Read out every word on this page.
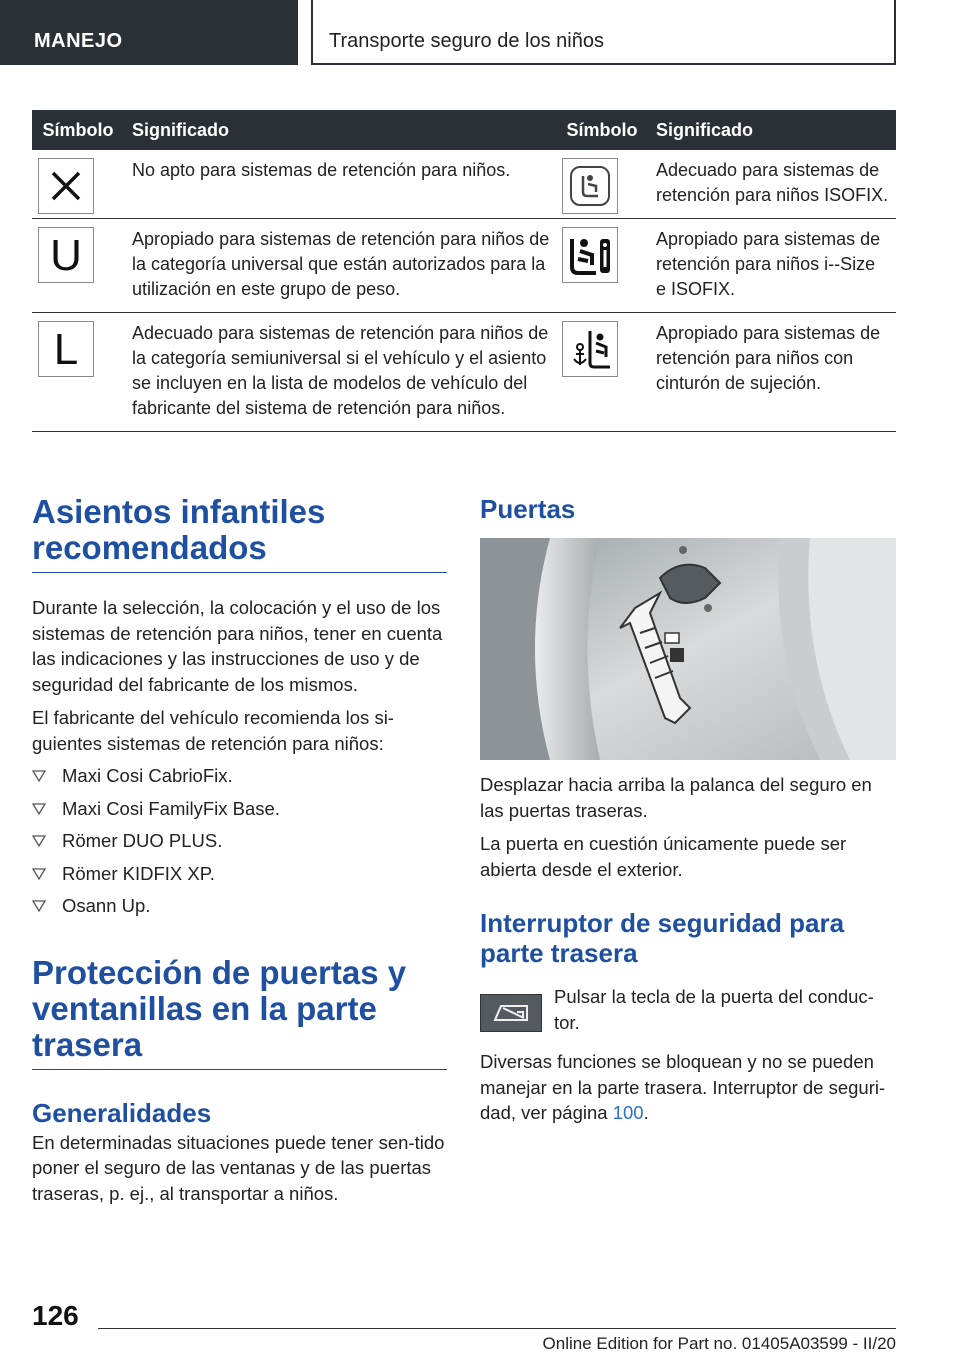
MANEJO	Transporte seguro de los niños
Símbolo	Significado	Símbolo	Significado

	No apto para sistemas de retención para niños.		Adecuado para sistemas de retención para niños ISOFIX.

U	Apropiado para sistemas de retención para niños de la categoría universal que están autorizados para la utilización en este grupo de peso.		Apropiado para sistemas de retención para niños i--Size e ISOFIX.

L	Adecuado para sistemas de retención para niños de la categoría semiuniversal si el vehículo y el asiento se incluyen en la lista de modelos de vehículo del fabricante del sistema de retención para niños.		Apropiado para sistemas de retención para niños con cinturón de sujeción.
Asientos infantiles recomendados

Durante la selección, la colocación y el uso de los sistemas de retención para niños, tener en cuenta las indicaciones y las instrucciones de uso y de seguridad del fabricante de los mismos.

El fabricante del vehículo recomienda los si‐guientes sistemas de retención para niños:

Maxi Cosi CabrioFix.
Maxi Cosi FamilyFix Base.
Römer DUO PLUS.
Römer KIDFIX XP.
Osann Up.
Protección de puertas y ventanillas en la parte trasera
Generalidades

En determinadas situaciones puede tener sen‐tido poner el seguro de las ventanas y de las puertas traseras, p. ej., al transportar a niños.

Puertas

Desplazar hacia arriba la palanca del seguro en las puertas traseras.

La puerta en cuestión únicamente puede ser abierta desde el exterior.

Interruptor de seguridad para parte trasera

Pulsar la tecla de la puerta del conduc‐tor.

Diversas funciones se bloquean y no se pueden manejar en la parte trasera. Interruptor de seguri‐dad, ver página 100.

126
Online Edition for Part no. 01405A03599 - II/20
